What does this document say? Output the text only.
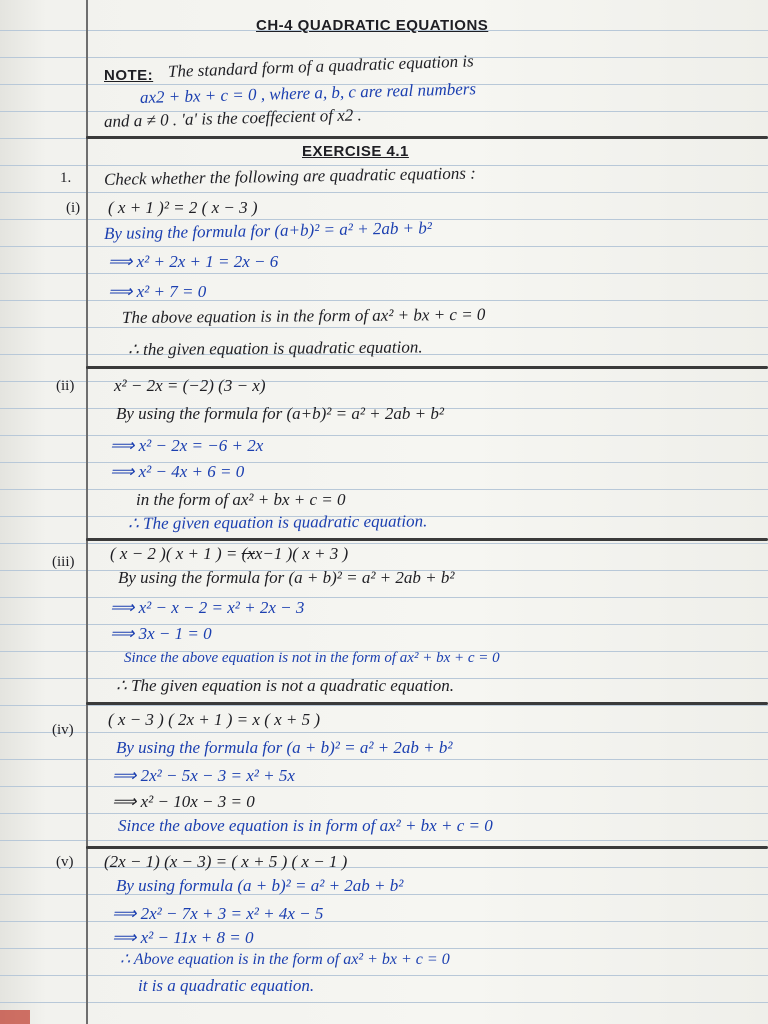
CH-4 QUADRATIC EQUATIONS
NOTE: The standard form of a quadratic equation is
ax2 + bx + c = 0 , where a, b, c are real numbers
and a ≠ 0 . 'a' is the coeffecient of x2 .
EXERCISE 4.1
1. Check whether the following are quadratic equations :
(i) ( x + 1 )² = 2 ( x − 3 )
By using the formula for (a+b)² = a² + 2ab + b²
⟹ x² + 2x + 1 = 2x − 6
⟹ x² + 7 = 0
The above equation is in the form of ax² + bx + c = 0
∴ the given equation is quadratic equation.
(ii) x² − 2x = (−2) (3 − x)
By using the formula for (a+b)² = a² + 2ab + b²
⟹ x² − 2x = −6 + 2x
⟹ x² − 4x + 6 = 0
in the form of ax² + bx + c = 0
∴ The given equation is quadratic equation.
(iii) ( x − 2 )( x + 1 ) = (xx−1 )( x + 3 )
By using the formula for (a + b)² = a² + 2ab + b²
⟹ x² − x − 2 = x² + 2x − 3
⟹ 3x − 1 = 0
Since the above equation is not in the form of ax² + bx + c = 0
∴ The given equation is not a quadratic equation.
(iv)
( x − 3 ) ( 2x + 1 ) = x ( x + 5 )
By using the formula for (a + b)² = a² + 2ab + b²
⟹ 2x² − 5x − 3 = x² + 5x
⟹ x² − 10x − 3 = 0
Since the above equation is in form of ax² + bx + c = 0
(v) (2x − 1) (x − 3) = ( x + 5 ) ( x − 1 )
By using formula (a + b)² = a² + 2ab + b²
⟹ 2x² − 7x + 3 = x² + 4x − 5
⟹ x² − 11x + 8 = 0
∴ Above equation is in the form of ax² + bx + c = 0
it is a quadratic equation.
